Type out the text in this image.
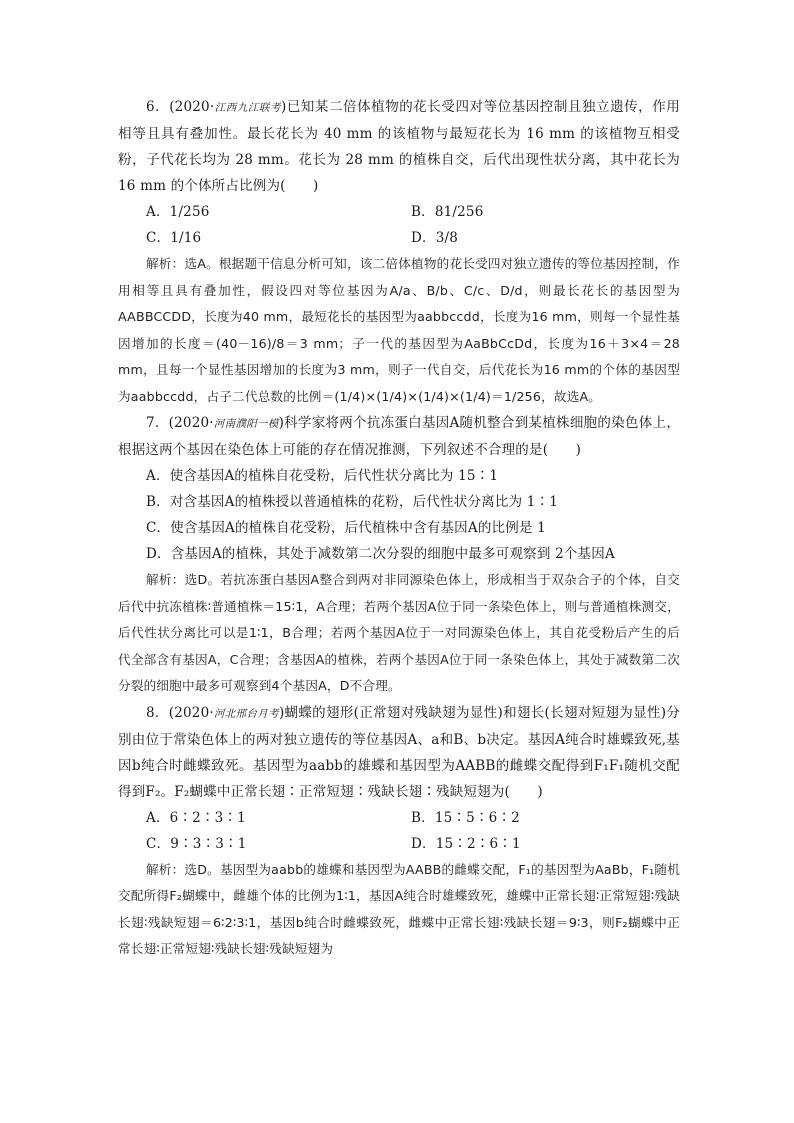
6．(2020·江西九江联考)已知某二倍体植物的花长受四对等位基因控制且独立遗传，作用相等且具有叠加性。最长花长为 40 mm 的该植物与最短花长为 16 mm 的该植物互相受粉，子代花长均为 28 mm。花长为 28 mm 的植株自交，后代出现性状分离，其中花长为 16 mm 的个体所占比例为(　　)

A．1/256	B．81/256
C．1/16	D．3/8

解析：选A。根据题干信息分析可知，该二倍体植物的花长受四对独立遗传的等位基因控制，作用相等且具有叠加性，假设四对等位基因为A/a、B/b、C/c、D/d，则最长花长的基因型为AABBCCDD，长度为40 mm，最短花长的基因型为aabbccdd，长度为16 mm，则每一个显性基因增加的长度＝(40－16)/8＝3 mm；子一代的基因型为AaBbCcDd，长度为16＋3×4＝28 mm，且每一个显性基因增加的长度为3 mm，则子一代自交，后代花长为16 mm的个体的基因型为aabbccdd，占子二代总数的比例＝(1/4)×(1/4)×(1/4)×(1/4)＝1/256，故选A。

7．(2020·河南濮阳一模)科学家将两个抗冻蛋白基因A随机整合到某植株细胞的染色体上，根据这两个基因在染色体上可能的存在情况推测，下列叙述不合理的是(　　)

A．使含基因A的植株自花受粉，后代性状分离比为 15∶1

B．对含基因A的植株授以普通植株的花粉，后代性状分离比为 1∶1

C．使含基因A的植株自花受粉，后代植株中含有基因A的比例是 1

D．含基因A的植株，其处于减数第二次分裂的细胞中最多可观察到 2个基因A

解析：选D。若抗冻蛋白基因A整合到两对非同源染色体上，形成相当于双杂合子的个体，自交后代中抗冻植株∶普通植株＝15∶1，A合理；若两个基因A位于同一条染色体上，则与普通植株测交，后代性状分离比可以是1∶1，B合理；若两个基因A位于一对同源染色体上，其自花受粉后产生的后代全部含有基因A，C合理；含基因A的植株，若两个基因A位于同一条染色体上，其处于减数第二次分裂的细胞中最多可观察到4个基因A，D不合理。

8．(2020·河北邢台月考)蝴蝶的翅形(正常翅对残缺翅为显性)和翅长(长翅对短翅为显性)分别由位于常染色体上的两对独立遗传的等位基因A、a和B、b决定。基因A纯合时雄蝶致死,基因b纯合时雌蝶致死。基因型为aabb的雄蝶和基因型为AABB的雌蝶交配得到F₁F₁随机交配得到F₂。F₂蝴蝶中正常长翅∶正常短翅∶残缺长翅∶残缺短翅为(　　)

A．6∶2∶3∶1	B．15∶5∶6∶2
C．9∶3∶3∶1	D．15∶2∶6∶1

解析：选D。基因型为aabb的雄蝶和基因型为AABB的雌蝶交配，F₁的基因型为AaBb，F₁随机交配所得F₂蝴蝶中，雌雄个体的比例为1∶1，基因A纯合时雄蝶致死，雄蝶中正常长翅∶正常短翅∶残缺长翅∶残缺短翅＝6∶2∶3∶1，基因b纯合时雌蝶致死，雌蝶中正常长翅∶残缺长翅＝9∶3，则F₂蝴蝶中正常长翅∶正常短翅∶残缺长翅∶残缺短翅为
